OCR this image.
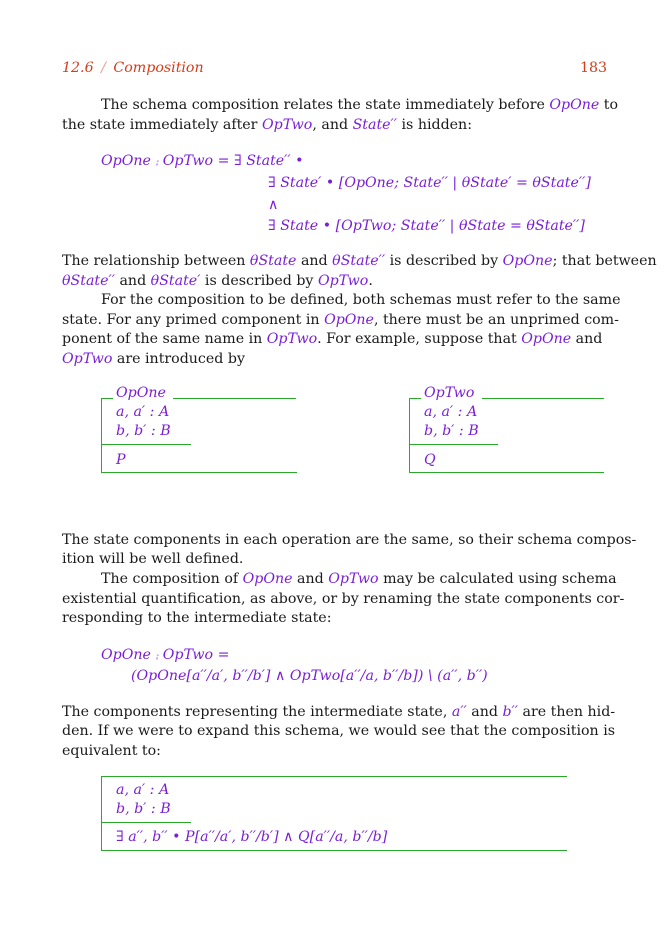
12.6 / Composition	183
The schema composition relates the state immediately before OpOne to
the state immediately after OpTwo, and State′′ is hidden:
OpOne ⨾ OpTwo = ∃ State′′ •
∃ State′ • [OpOne; State′′ | θState′ = θState′′]
∧
∃ State • [OpTwo; State′′ | θState = θState′′]
The relationship between θState and θState′′ is described by OpOne; that between
θState′′ and θState′ is described by OpTwo.
For the composition to be defined, both schemas must refer to the same
state. For any primed component in OpOne, there must be an unprimed com-
ponent of the same name in OpTwo. For example, suppose that OpOne and
OpTwo are introduced by
OpOne
a, a′ : A
b, b′ : B
P
OpTwo
a, a′ : A
b, b′ : B
Q
The state components in each operation are the same, so their schema compos-
ition will be well defined.
The composition of OpOne and OpTwo may be calculated using schema
existential quantification, as above, or by renaming the state components cor-
responding to the intermediate state:
OpOne ⨾ OpTwo =
(OpOne[a′′/a′, b′′/b′] ∧ OpTwo[a′′/a, b′′/b]) \ (a′′, b′′)
The components representing the intermediate state, a′′ and b′′ are then hid-
den. If we were to expand this schema, we would see that the composition is
equivalent to:
a, a′ : A
b, b′ : B
∃ a′′, b′′ • P[a′′/a′, b′′/b′] ∧ Q[a′′/a, b′′/b]
